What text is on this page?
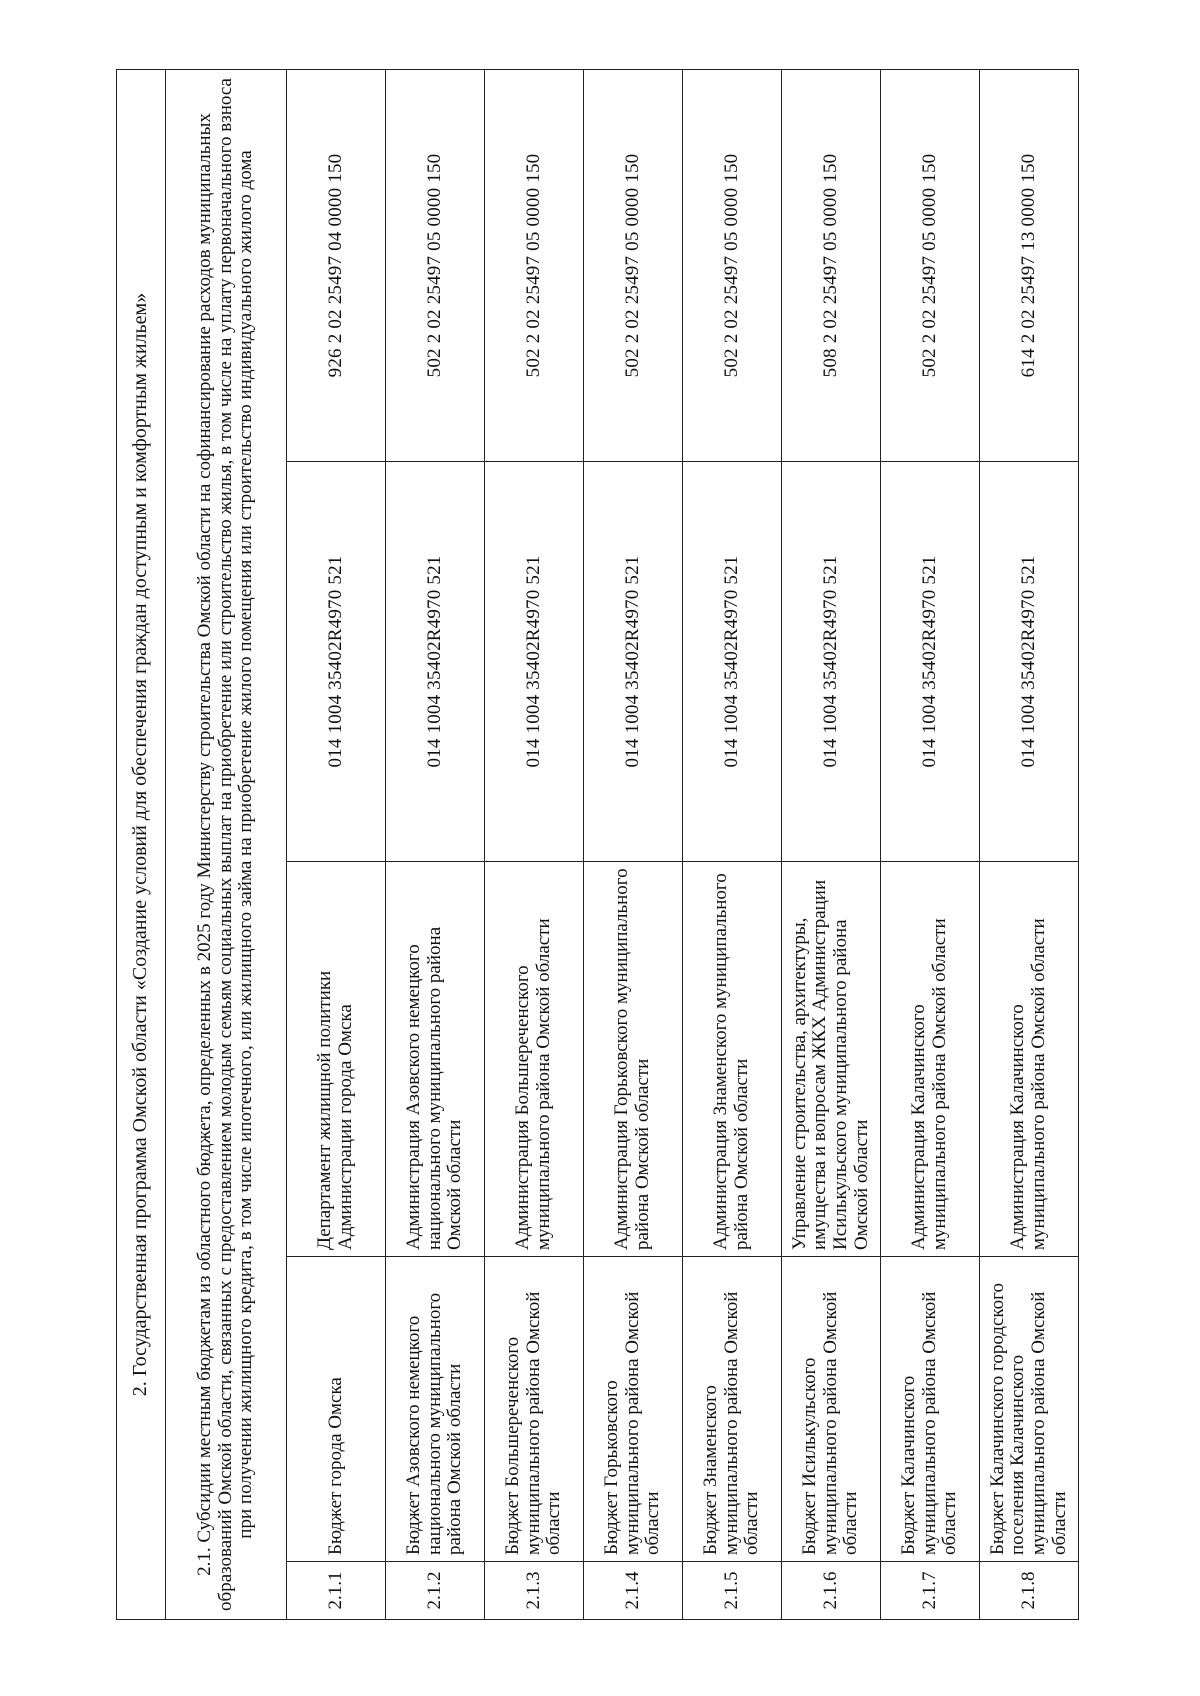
2. Государственная программа Омской области «Создание условий для обеспечения граждан доступным и комфортным жильем»				
2.1. Субсидии местным бюджетам из областного бюджета, определенных в 2025 году Министерству строительства Омской области на софинансирование расходов муниципальных образований Омской области, связанных с предоставлением молодым семьям социальных выплат на приобретение или строительство жилья, в том числе на уплату первоначального взноса при получении жилищного кредита, в том числе ипотечного, или жилищного займа на приобретение жилого помещения или строительство индивидуального жилого дома				
2.1.1	Бюджет города Омска	Департамент жилищной политики Администрации города Омска	014 1004 35402R4970 521	926 2 02 25497 04 0000 150
2.1.2	Бюджет Азовского немецкого национального муниципального района Омской области	Администрация Азовского немецкого национального муниципального района Омской области	014 1004 35402R4970 521	502 2 02 25497 05 0000 150
2.1.3	Бюджет Большереченского муниципального района Омской области	Администрация Большереченского муниципального района Омской области	014 1004 35402R4970 521	502 2 02 25497 05 0000 150
2.1.4	Бюджет Горьковского муниципального района Омской области	Администрация Горьковского муниципального района Омской области	014 1004 35402R4970 521	502 2 02 25497 05 0000 150
2.1.5	Бюджет Знаменского муниципального района Омской области	Администрация Знаменского муниципального района Омской области	014 1004 35402R4970 521	502 2 02 25497 05 0000 150
2.1.6	Бюджет Исилькульского муниципального района Омской области	Управление строительства, архитектуры, имущества и вопросам ЖКХ Администрации Исилькульского муниципального района Омской области	014 1004 35402R4970 521	508 2 02 25497 05 0000 150
2.1.7	Бюджет Калачинского муниципального района Омской области	Администрация Калачинского муниципального района Омской области	014 1004 35402R4970 521	502 2 02 25497 05 0000 150
2.1.8	Бюджет Калачинского городского поселения Калачинского муниципального района Омской области	Администрация Калачинского муниципального района Омской области	014 1004 35402R4970 521	614 2 02 25497 13 0000 150
